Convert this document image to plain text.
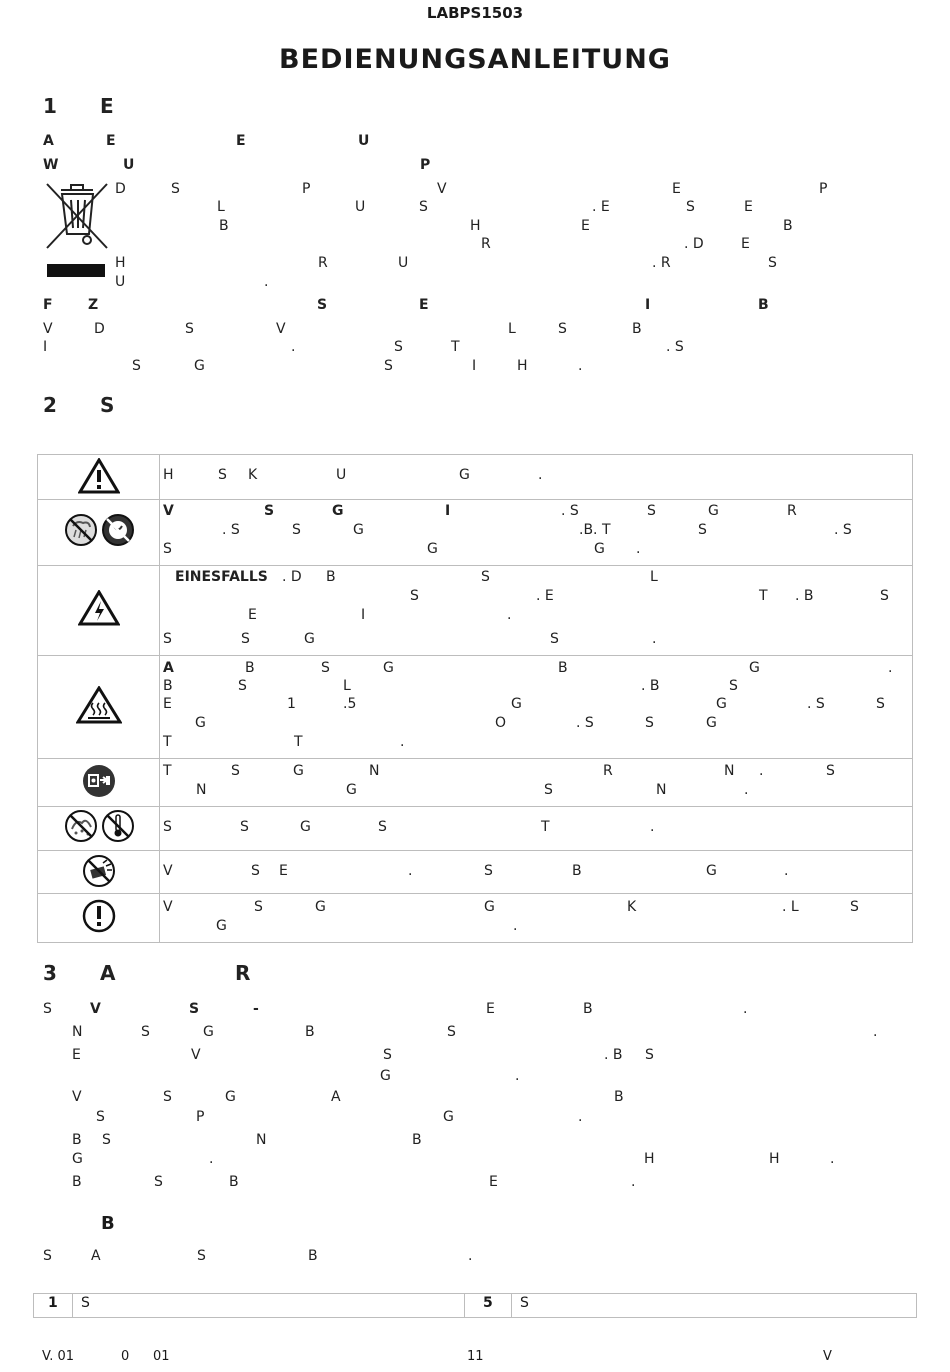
LABPS1503
BEDIENUNGSANLEITUNG
1 E
A	E	E	U
W	U	P
D	S	P	V	E	P
L	U	S	. E	S	E
B	H	E	B
R	. D	E
H	R	U	. R	S
U	.
F	Z	S	E	I	B
V	D	S	V	L	S	B
I	.	S	T	. S
S	G	S	I	H	.
2 S
H	S K	U	G	.
V	S	G	I	. S	S	G	R
. S	S	G	.B. T	S	. S
S	G	G .
EINESFALLS . D B	S	L
S	. E	T . B	S
E	I	.
S	S	G	S	.
A	B	S	G	B	G	.
B	S	L	. B	S
E	1	.5	G	G	. S	S
G	O	. S	S	G
T	T	.
T	S	G	N	R	N .	S
N	G	S	N	.
S	S	G	S	T	.
V	S E	.	S	B	G	.
V	S	G	G	K	. L	S
G	.
3 A	R
S	V	S	-	E	B	.
N	S	G	B	S	.
E	V	S	. B S
G	.
V	S	G	A	B
S	P	G	.
B S	N	B
G	.	H	H	.
B	S	B	E	.
B
S	A	S	B	.
1 S	5 S
V. 01	0 01	11	V
